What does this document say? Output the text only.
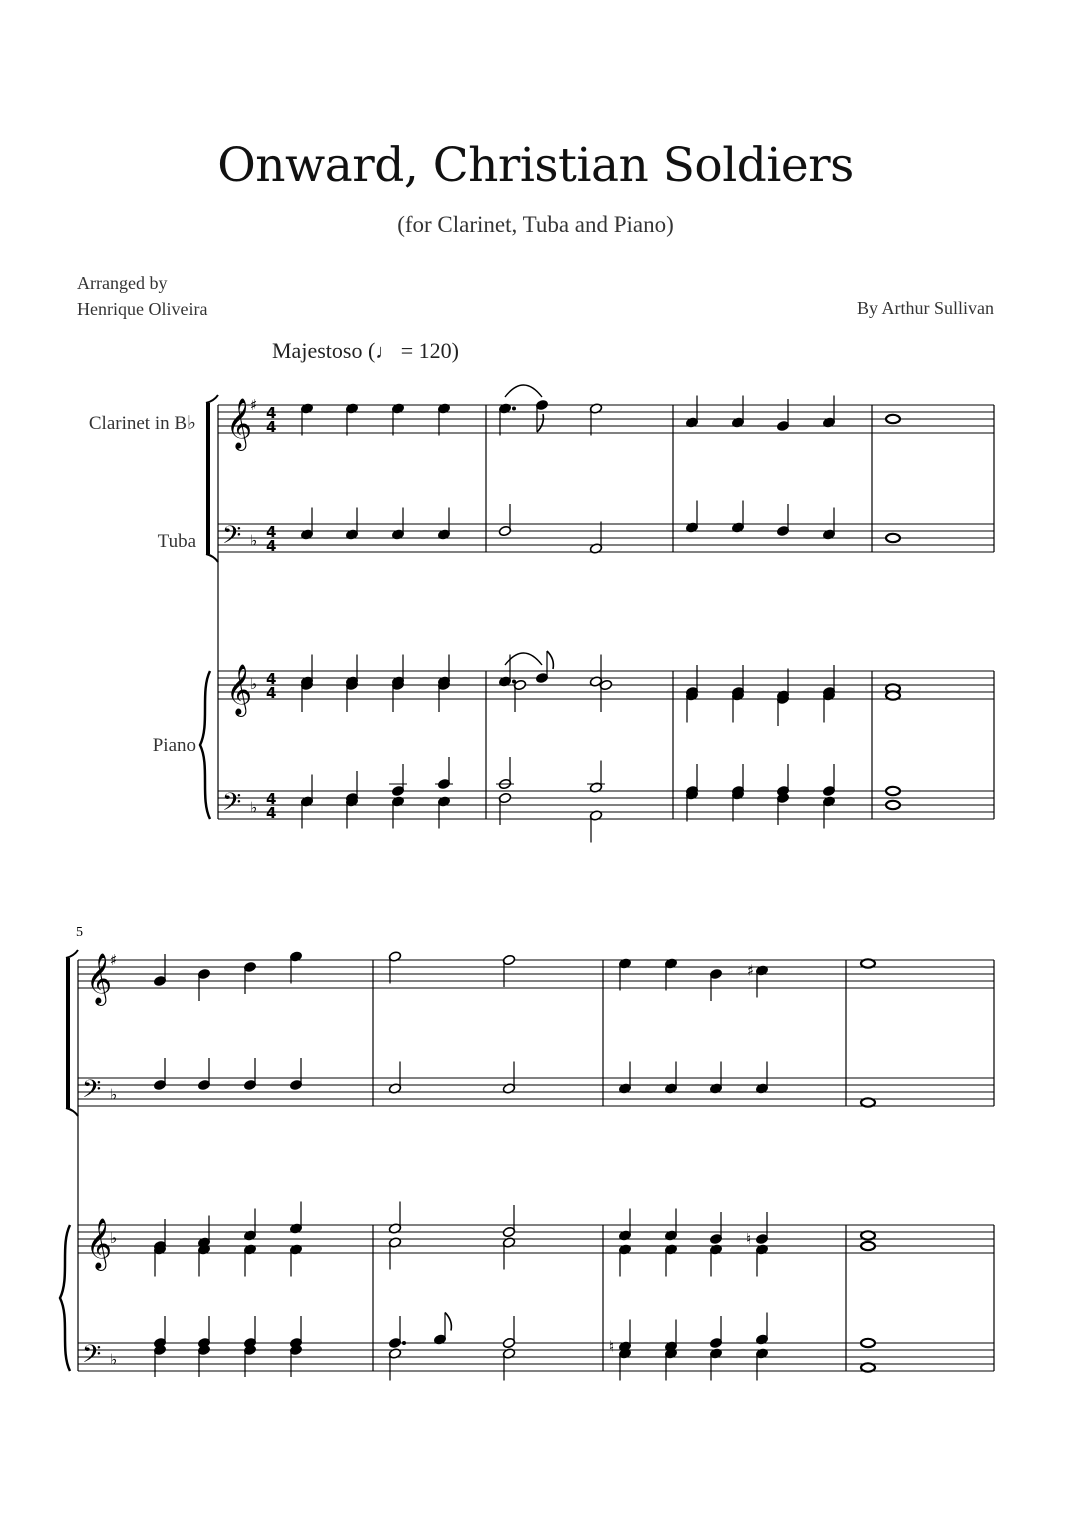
Onward, Christian Soldiers
(for Clarinet, Tuba and Piano)
Arranged by
Henrique Oliveira	By Arthur Sullivan
Majestoso (♩ = 120)
Clarinet in B♭
Tuba
Piano
𝄞
♯ 4
4
𝄢 ♭ 4
4
𝄞
♭ 4
4
𝄢 ♭ 4
4
5
𝄞
♯
𝄢 ♭
𝄞
♭
𝄢 ♭
♯
♮
♮
